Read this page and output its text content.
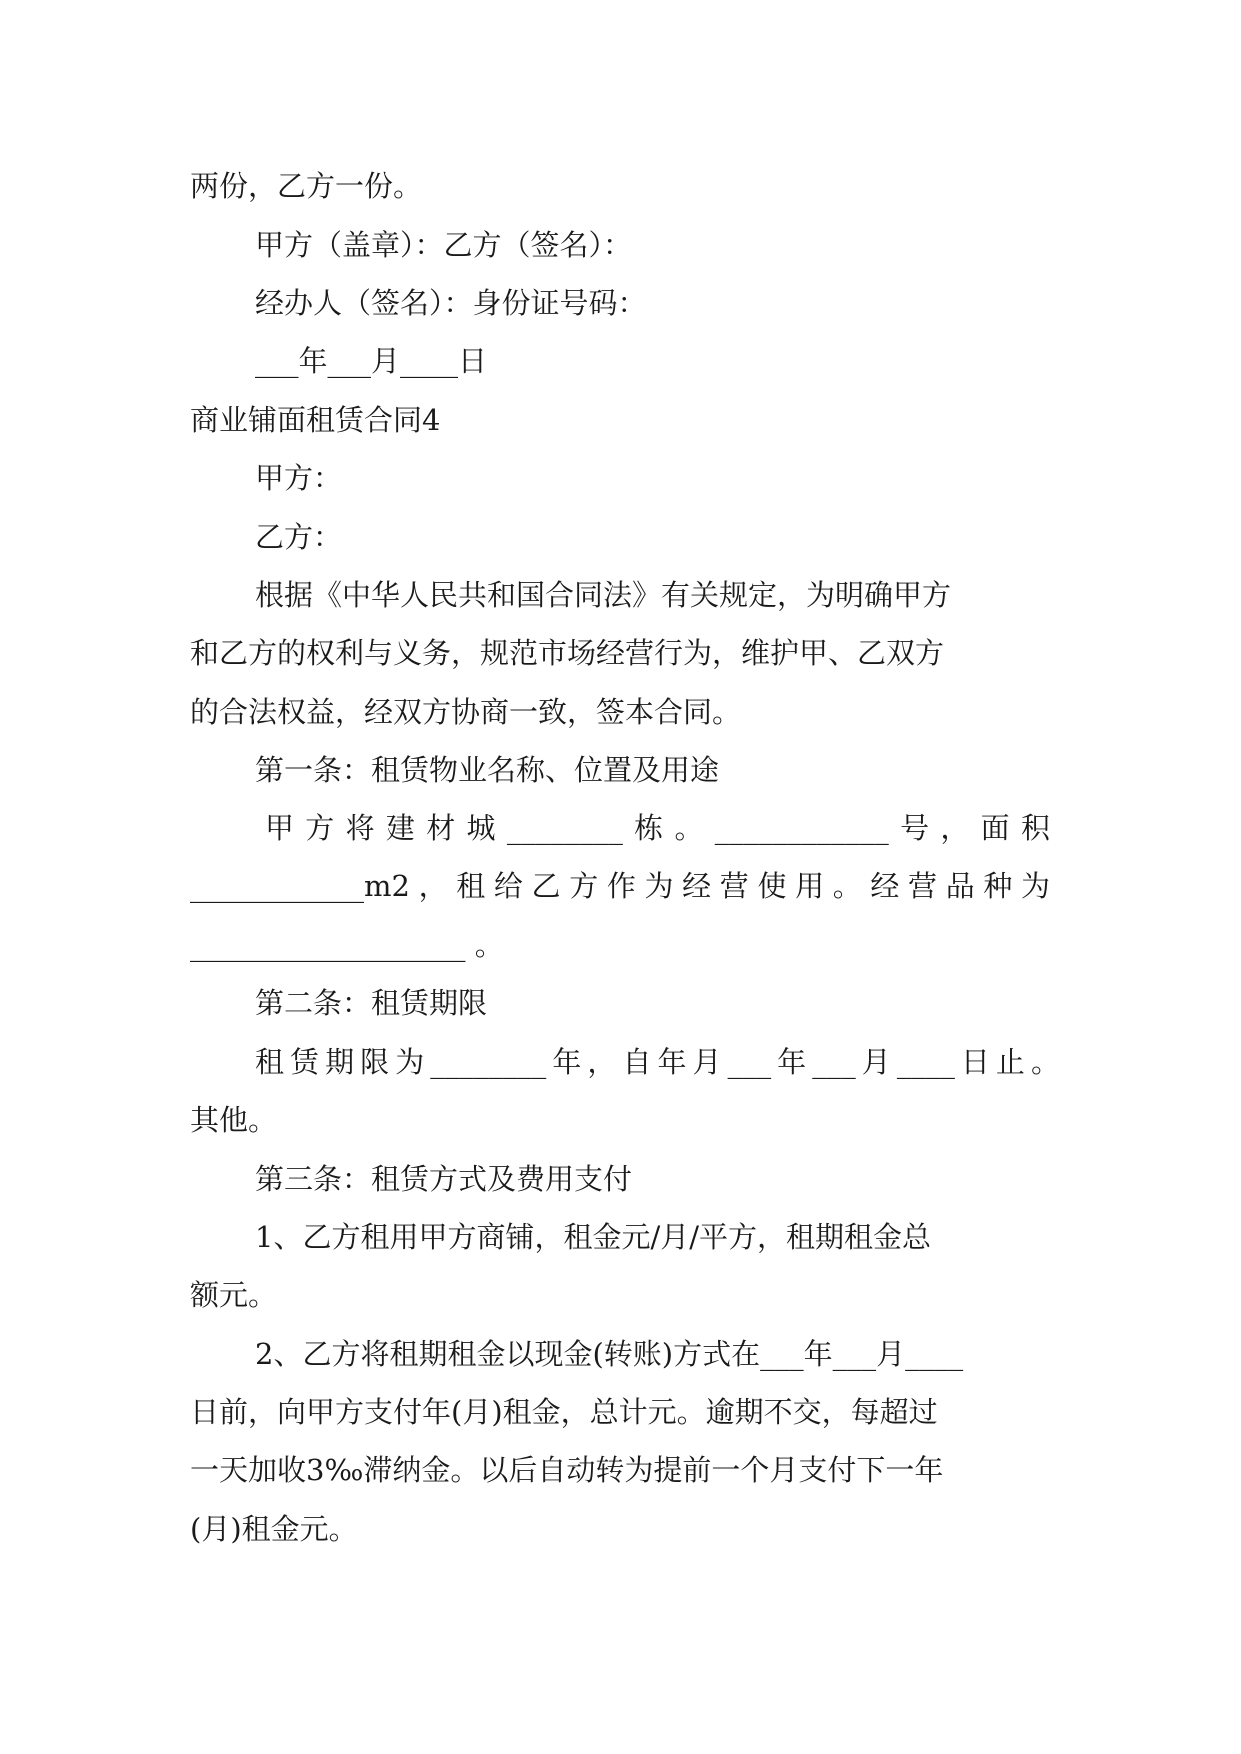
两份，乙方一份。
甲方（盖章）：乙方（签名）：
经办人（签名）：身份证号码：
___年___月____日
商业铺面租赁合同4
甲方：
乙方：
根据《中华人民共和国合同法》有关规定，为明确甲方
和乙方的权利与义务，规范市场经营行为，维护甲、乙双方
的合法权益，经双方协商一致，签本合同。
第一条：租赁物业名称、位置及用途
甲方将建材城________栋。____________号，面积
____________m2，租给乙方作为经营使用。经营品种为
___________________ 。
第二条：租赁期限
租赁期限为________年，自年月___年___月____日止。
其他。
第三条：租赁方式及费用支付
1、乙方租用甲方商铺，租金元/月/平方，租期租金总
额元。
2、乙方将租期租金以现金(转账)方式在___年___月____
日前，向甲方支付年(月)租金，总计元。逾期不交，每超过
一天加收3‰滞纳金。以后自动转为提前一个月支付下一年
(月)租金元。
